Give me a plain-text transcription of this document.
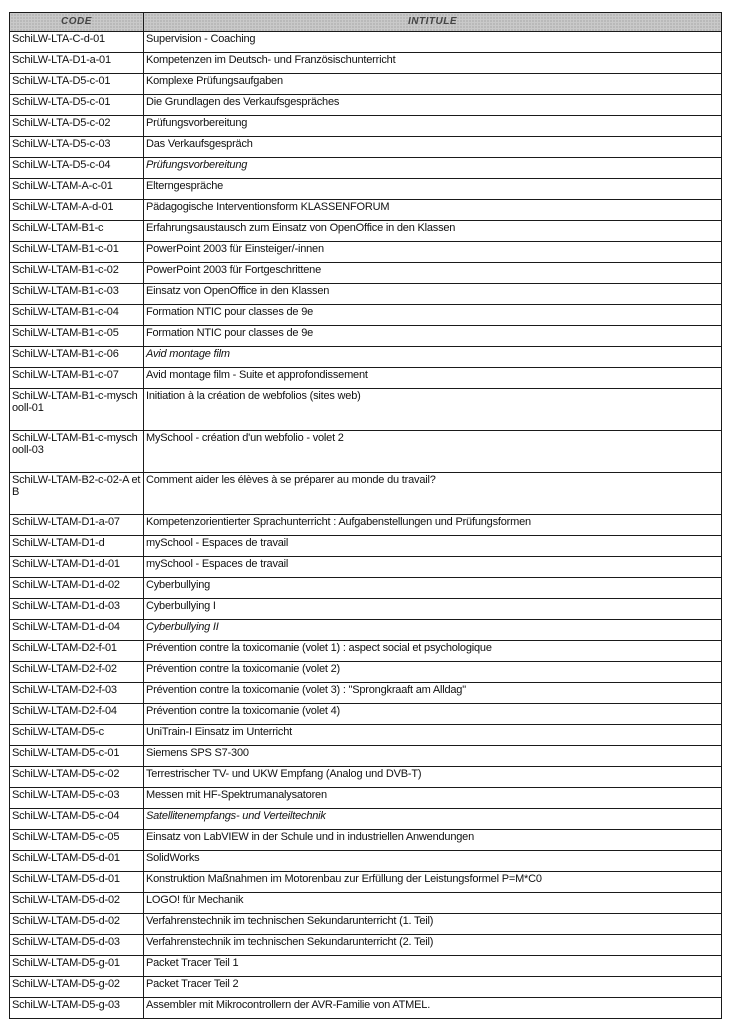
CODE	INTITULE
SchiLW-LTA-C-d-01	Supervision - Coaching
SchiLW-LTA-D1-a-01	Kompetenzen im Deutsch- und Französischunterricht
SchiLW-LTA-D5-c-01	Komplexe Prüfungsaufgaben
SchiLW-LTA-D5-c-01	Die Grundlagen des Verkaufsgespräches
SchiLW-LTA-D5-c-02	Prüfungsvorbereitung
SchiLW-LTA-D5-c-03	Das Verkaufsgespräch
SchiLW-LTA-D5-c-04	Prüfungsvorbereitung
SchiLW-LTAM-A-c-01	Elterngespräche
SchiLW-LTAM-A-d-01	Pädagogische Interventionsform KLASSENFORUM
SchiLW-LTAM-B1-c	Erfahrungsaustausch zum Einsatz von OpenOffice in den Klassen
SchiLW-LTAM-B1-c-01	PowerPoint 2003 für Einsteiger/-innen
SchiLW-LTAM-B1-c-02	PowerPoint 2003 für Fortgeschrittene
SchiLW-LTAM-B1-c-03	Einsatz von OpenOffice in den Klassen
SchiLW-LTAM-B1-c-04	Formation NTIC pour classes de 9e
SchiLW-LTAM-B1-c-05	Formation NTIC pour classes de 9e
SchiLW-LTAM-B1-c-06	Avid montage film
SchiLW-LTAM-B1-c-07	Avid montage film - Suite et approfondissement
SchiLW-LTAM-B1-c-myschooll-01	Initiation à la création de webfolios (sites web)
SchiLW-LTAM-B1-c-myschooll-03	MySchool - création d'un webfolio - volet 2
SchiLW-LTAM-B2-c-02-A et B	Comment aider les élèves à se préparer au monde du travail?
SchiLW-LTAM-D1-a-07	Kompetenzorientierter Sprachunterricht : Aufgabenstellungen und Prüfungsformen
SchiLW-LTAM-D1-d	mySchool - Espaces de travail
SchiLW-LTAM-D1-d-01	mySchool - Espaces de travail
SchiLW-LTAM-D1-d-02	Cyberbullying
SchiLW-LTAM-D1-d-03	Cyberbullying I
SchiLW-LTAM-D1-d-04	Cyberbullying II
SchiLW-LTAM-D2-f-01	Prévention contre la toxicomanie (volet 1) : aspect social et psychologique
SchiLW-LTAM-D2-f-02	Prévention contre la toxicomanie (volet 2)
SchiLW-LTAM-D2-f-03	Prévention contre la toxicomanie (volet 3) : "Sprongkraaft am Alldag"
SchiLW-LTAM-D2-f-04	Prévention contre la toxicomanie (volet 4)
SchiLW-LTAM-D5-c	UniTrain-I Einsatz im Unterricht
SchiLW-LTAM-D5-c-01	Siemens SPS S7-300
SchiLW-LTAM-D5-c-02	Terrestrischer TV- und UKW Empfang (Analog und DVB-T)
SchiLW-LTAM-D5-c-03	Messen mit HF-Spektrumanalysatoren
SchiLW-LTAM-D5-c-04	Satellitenempfangs- und Verteiltechnik
SchiLW-LTAM-D5-c-05	Einsatz von LabVIEW in der Schule und in industriellen Anwendungen
SchiLW-LTAM-D5-d-01	SolidWorks
SchiLW-LTAM-D5-d-01	Konstruktion Maßnahmen im Motorenbau zur Erfüllung der Leistungsformel P=M*C0
SchiLW-LTAM-D5-d-02	LOGO! für Mechanik
SchiLW-LTAM-D5-d-02	Verfahrenstechnik im technischen Sekundarunterricht (1. Teil)
SchiLW-LTAM-D5-d-03	Verfahrenstechnik im technischen Sekundarunterricht (2. Teil)
SchiLW-LTAM-D5-g-01	Packet Tracer Teil 1
SchiLW-LTAM-D5-g-02	Packet Tracer Teil 2
SchiLW-LTAM-D5-g-03	Assembler mit Mikrocontrollern der AVR-Familie von ATMEL.
